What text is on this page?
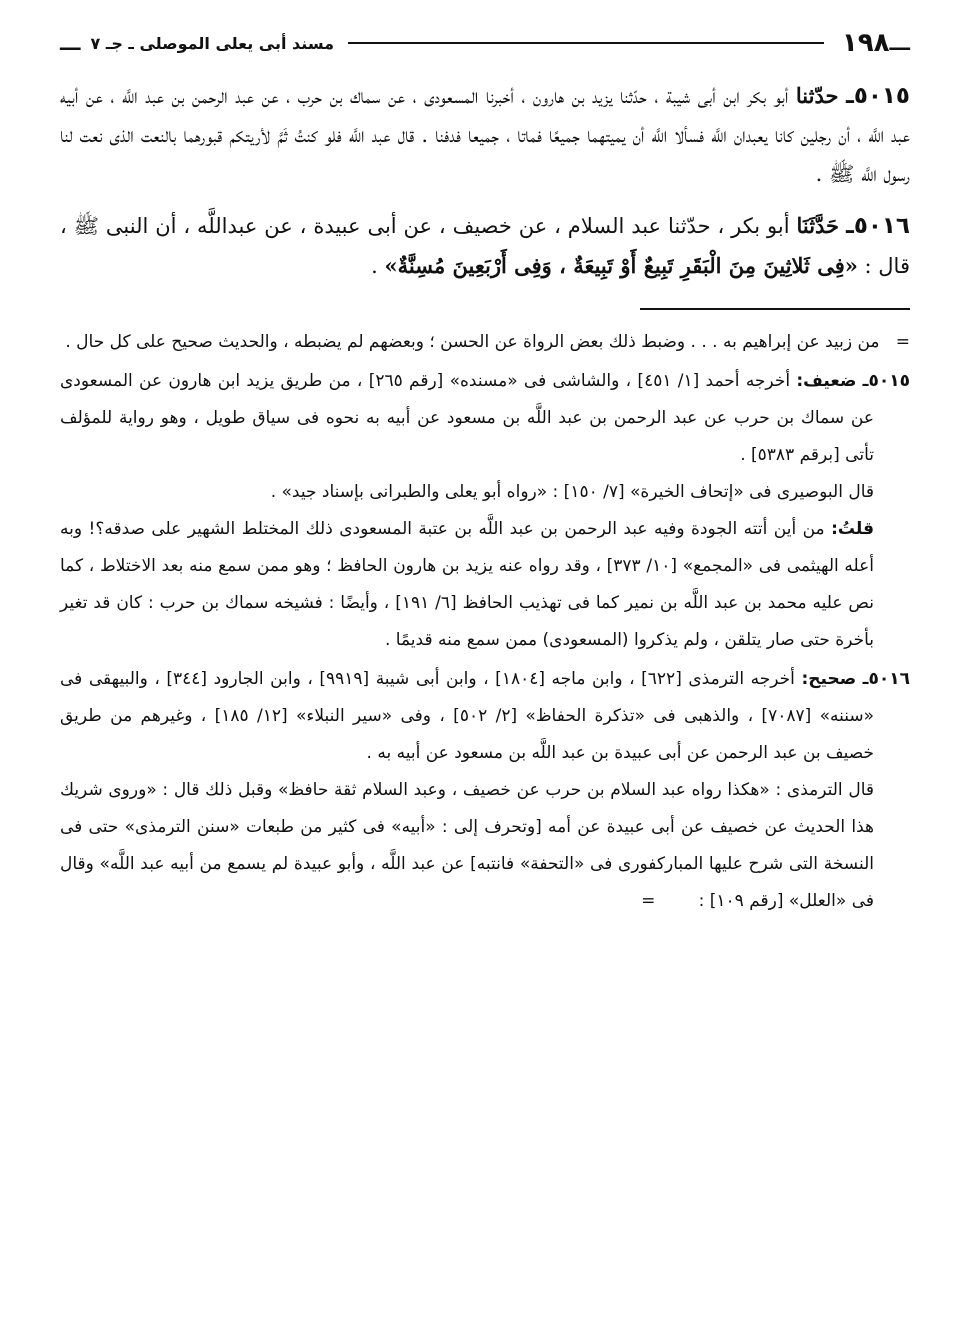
ـــ
١٩٨
مسند أبى يعلى الموصلى ـ جـ ٧
ـــ

٥٠١٥ـ حدّثنا أبو بكر ابن أبى شيبة ، حدّثنا يزيد بن هارون ، أخبرنا المسعودى ، عن سماك بن حرب ، عن عبد الرحمن بن عبد اللَّه ، عن أبيه عبد اللَّه ، أن رجلين كانا يعبدان اللَّه فسألا اللَّه أن يميتهما جميعًا فماتا ، جميعا فدفنا . قال عبد اللَّه فلو كنتُ ثَمَّ لأريتكم قبورهما بالنعت الذى نعت لنا رسول اللَّه ﷺ .

٥٠١٦ـ حَدَّثَنَا أبو بكر ، حدّثنا عبد السلام ، عن خصيف ، عن أبى عبيدة ، عن عبداللَّه ، أن النبى ﷺ ، قال : «فِى ثَلاثِينَ مِنَ الْبَقَرِ تَبِيعٌ أَوْ تَبِيعَةٌ ، وَفِى أَرْبَعِينَ مُسِنَّةٌ» .

=   من زبيد عن إبراهيم به . . . وضبط ذلك بعض الرواة عن الحسن ؛ وبعضهم لم يضبطه ، والحديث صحيح على كل حال .
٥٠١٥ـ ضعيف: أخرجه أحمد [١/ ٤٥١] ، والشاشى فى «مسنده» [رقم ٢٦٥] ، من طريق يزيد ابن هارون عن المسعودى عن سماك بن حرب عن عبد الرحمن بن عبد اللَّه بن مسعود عن أبيه به نحوه فى سياق طويل ، وهو رواية للمؤلف تأتى [برقم ٥٣٨٣] .
قال البوصيرى فى «إتحاف الخيرة» [٧/ ١٥٠] : «رواه أبو يعلى والطبرانى بإسناد جيد» .
قلتُ: من أين أتته الجودة وفيه عبد الرحمن بن عبد اللَّه بن عتبة المسعودى ذلك المختلط الشهير على صدقه؟! وبه أعله الهيثمى فى «المجمع» [١٠/ ٣٧٣] ، وقد رواه عنه يزيد بن هارون الحافظ ؛ وهو ممن سمع منه بعد الاختلاط ، كما نص عليه محمد بن عبد اللَّه بن نمير كما فى تهذيب الحافظ [٦/ ١٩١] ، وأيضًا : فشيخه سماك بن حرب : كان قد تغير بأخرة حتى صار يتلقن ، ولم يذكروا (المسعودى) ممن سمع منه قديمًا .
٥٠١٦ـ صحيح: أخرجه الترمذى [٦٢٢] ، وابن ماجه [١٨٠٤] ، وابن أبى شيبة [٩٩١٩] ، وابن الجارود [٣٤٤] ، والبيهقى فى «سننه» [٧٠٨٧] ، والذهبى فى «تذكرة الحفاظ» [٢/ ٥٠٢] ، وفى «سير النبلاء» [١٢/ ١٨٥] ، وغيرهم من طريق خصيف بن عبد الرحمن عن أبى عبيدة بن عبد اللَّه بن مسعود عن أبيه به .
قال الترمذى : «هكذا رواه عبد السلام بن حرب عن خصيف ، وعبد السلام ثقة حافظ» وقبل ذلك قال : «وروى شريك هذا الحديث عن خصيف عن أبى عبيدة عن أمه [وتحرف إلى : «أبيه» فى كثير من طبعات «سنن الترمذى» حتى فى النسخة التى شرح عليها المباركفورى فى «التحفة» فانتبه] عن عبد اللَّه ، وأبو عبيدة لم يسمع من أبيه عبد اللَّه» وقال فى «العلل» [رقم ١٠٩] :        =
